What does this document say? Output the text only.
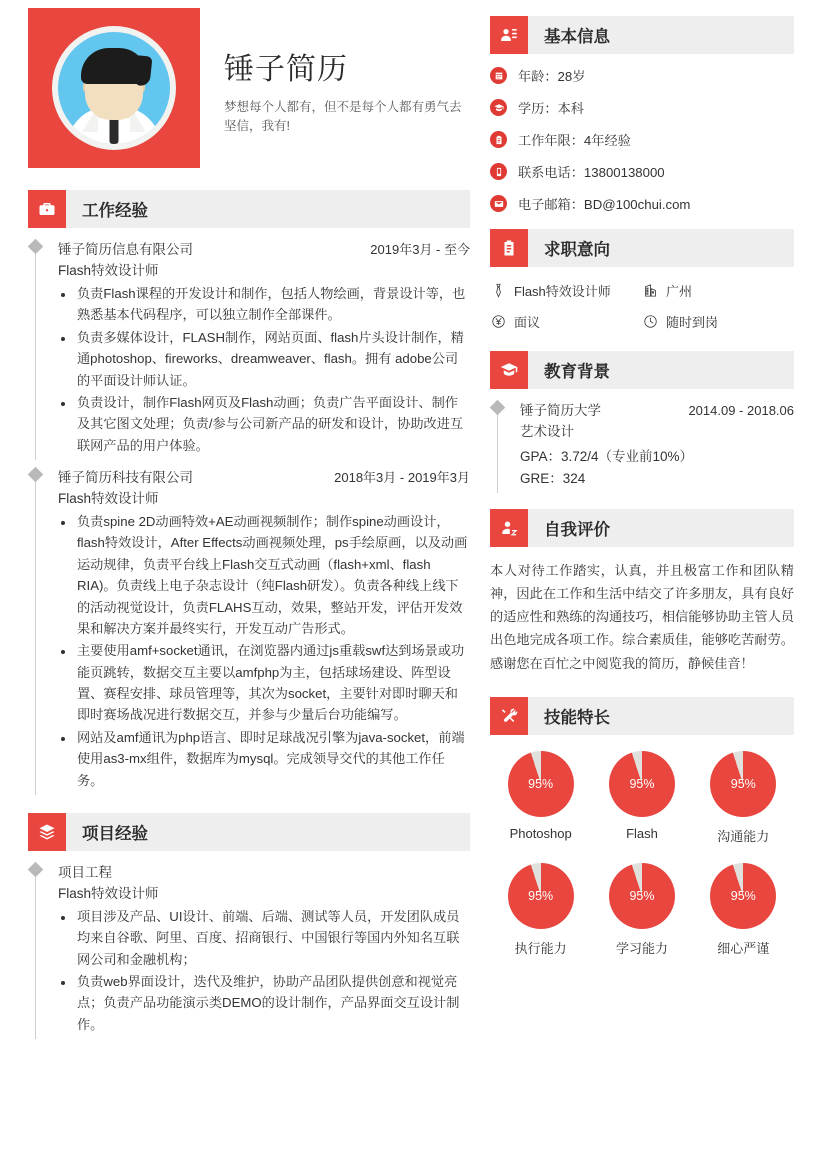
锤子简历
梦想每个人都有，但不是每个人都有勇气去坚信，我有!
工作经验
锤子简历信息有限公司	2019年3月 - 至今
Flash特效设计师
• 负责Flash课程的开发设计和制作，包括人物绘画，背景设计等，也熟悉基本代码程序，可以独立制作全部课件。
• 负责多媒体设计，FLASH制作，网站页面、flash片头设计制作，精通photoshop、fireworks、dreamweaver、flash。拥有 adobe公司的平面设计师认证。
• 负责设计，制作Flash网页及Flash动画；负责广告平面设计、制作及其它图文处理；负责/参与公司新产品的研发和设计，协助改进互联网产品的用户体验。
锤子简历科技有限公司	2018年3月 - 2019年3月
Flash特效设计师
• 负责spine 2D动画特效+AE动画视频制作；制作spine动画设计，flash特效设计，After Effects动画视频处理，ps手绘原画，以及动画运动规律，负责平台线上Flash交互式动画（flash+xml、flash RIA)。负责线上电子杂志设计（纯Flash研发）。负责各种线上线下的活动视觉设计，负责FLAHS互动，效果，整站开发，评估开发效果和解决方案并最终实行，开发互动广告形式。
• 主要使用amf+socket通讯，在浏览器内通过js重载swf达到场景或功能页跳转，数据交互主要以amfphp为主，包括球场建设、阵型设置、赛程安排、球员管理等，其次为socket，主要针对即时聊天和即时赛场战况进行数据交互，并参与少量后台功能编写。
• 网站及amf通讯为php语言、即时足球战况引擎为java-socket，前端使用as3-mx组件，数据库为mysql。完成领导交代的其他工作任务。
项目经验
项目工程
Flash特效设计师
• 项目涉及产品、UI设计、前端、后端、测试等人员，开发团队成员均来自谷歌、阿里、百度、招商银行、中国银行等国内外知名互联网公司和金融机构；
• 负责web界面设计，迭代及维护，协助产品团队提供创意和视觉亮点；负责产品功能演示类DEMO的设计制作，产品界面交互设计制作。
基本信息
年龄：28岁
学历：本科
工作年限：4年经验
联系电话：13800138000
电子邮箱：BD@100chui.com
求职意向
Flash特效设计师	广州
面议	随时到岗
教育背景
锤子简历大学	2014.09 - 2018.06
艺术设计
GPA：3.72/4（专业前10%）
GRE：324
自我评价
本人对待工作踏实，认真，并且极富工作和团队精神，因此在工作和生活中结交了许多朋友，具有良好的适应性和熟练的沟通技巧，相信能够协助主管人员出色地完成各项工作。综合素质佳，能够吃苦耐劳。感谢您在百忙之中阅览我的简历，静候佳音！
技能特长
95%
Photoshop
95%
Flash
95%
沟通能力
95%
执行能力
95%
学习能力
95%
细心严谨
